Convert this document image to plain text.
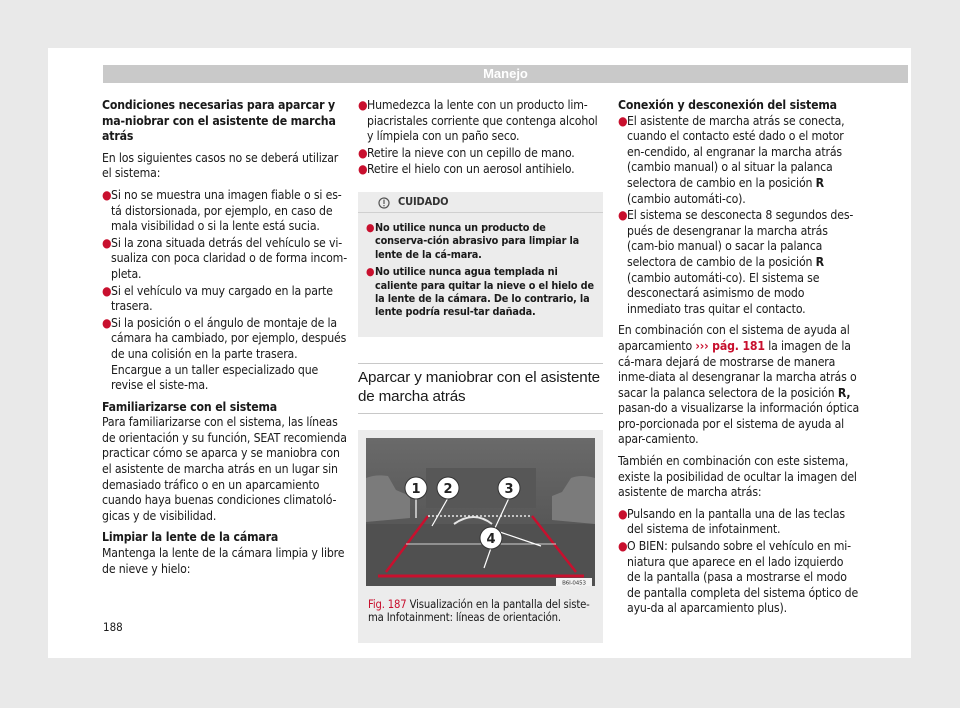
Manejo

Condiciones necesarias para aparcar y ma-niobrar con el asistente de marcha atrás

En los siguientes casos no se deberá utilizar el sistema:

● Si no se muestra una imagen fiable o si es-tá distorsionada, por ejemplo, en caso de mala visibilidad o si la lente está sucia.
● Si la zona situada detrás del vehículo se vi-sualiza con poca claridad o de forma incom-pleta.
● Si el vehículo va muy cargado en la parte trasera.
● Si la posición o el ángulo de montaje de la cámara ha cambiado, por ejemplo, después de una colisión en la parte trasera. Encargue a un taller especializado que revise el siste-ma.

Familiarizarse con el sistema

Para familiarizarse con el sistema, las líneas de orientación y su función, SEAT recomienda practicar cómo se aparca y se maniobra con el asistente de marcha atrás en un lugar sin demasiado tráfico o en un aparcamiento cuando haya buenas condiciones climatoló-gicas y de visibilidad.

Limpiar la lente de la cámara

Mantenga la lente de la cámara limpia y libre de nieve y hielo:

● Humedezca la lente con un producto lim-piacristales corriente que contenga alcohol y límpiela con un paño seco.
● Retire la nieve con un cepillo de mano.
● Retire el hielo con un aerosol antihielo.
CUIDADO
● No utilice nunca un producto de conserva-ción abrasivo para limpiar la lente de la cá-mara.
● No utilice nunca agua templada ni caliente para quitar la nieve o el hielo de la lente de la cámara. De lo contrario, la lente podría resul-tar dañada.
Aparcar y maniobrar con el asistente de marcha atrás
1 2	3
4
B6I-0453
Fig. 187 Visualización en la pantalla del siste-ma Infotainment: líneas de orientación.

Conexión y desconexión del sistema

● El asistente de marcha atrás se conecta, cuando el contacto esté dado o el motor en-cendido, al engranar la marcha atrás (cambio manual) o al situar la palanca selectora de cambio en la posición R (cambio automáti-co).
● El sistema se desconecta 8 segundos des-pués de desengranar la marcha atrás (cam-bio manual) o sacar la palanca selectora de cambio de la posición R (cambio automáti-co). El sistema se desconectará asimismo de modo inmediato tras quitar el contacto.

En combinación con el sistema de ayuda al aparcamiento ››› pág. 181 la imagen de la cá-mara dejará de mostrarse de manera inme-diata al desengranar la marcha atrás o sacar la palanca selectora de la posición R, pasan-do a visualizarse la información óptica pro-porcionada por el sistema de ayuda al apar-camiento.

También en combinación con este sistema, existe la posibilidad de ocultar la imagen del asistente de marcha atrás:

● Pulsando en la pantalla una de las teclas del sistema de infotainment.
● O BIEN: pulsando sobre el vehículo en mi-niatura que aparece en el lado izquierdo de la pantalla (pasa a mostrarse el modo de pantalla completa del sistema óptico de ayu-da al aparcamiento plus).
188
